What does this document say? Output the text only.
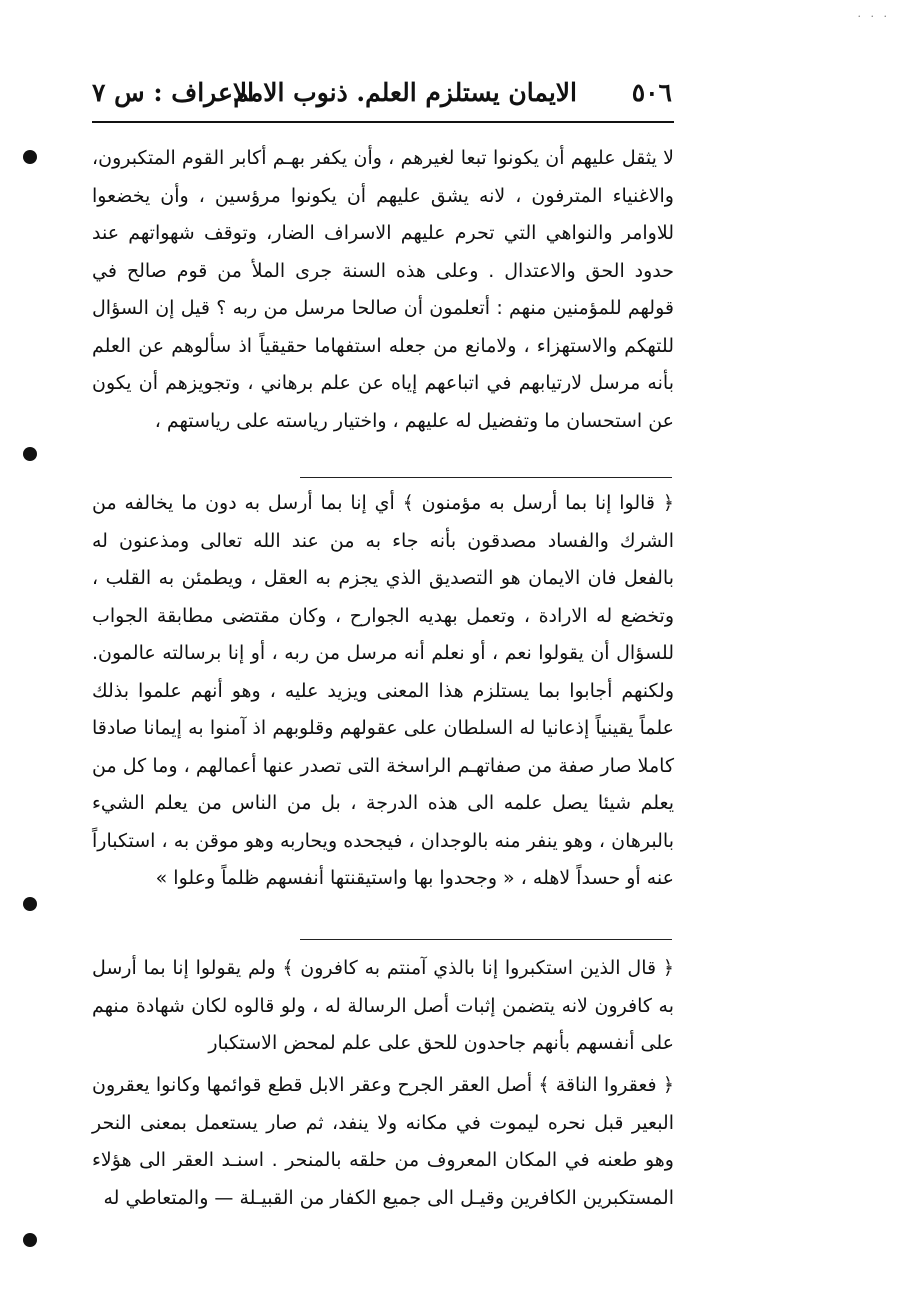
· · ·
٥٠٦
الايمان يستلزم العلم. ذنوب الامم
الاعراف : س ٧

لا يثقل عليهم أن يكونوا تبعا لغيرهم ، وأن يكفر بهـم أكابر القوم المتكبرون، والاغنياء المترفون ، لانه يشق عليهم أن يكونوا مرؤسين ، وأن يخضعوا للاوامر والنواهي التي تحرم عليهم الاسراف الضار، وتوقف شهواتهم عند حدود الحق والاعتدال . وعلى هذه السنة جرى الملأ من قوم صالح في قولهم للمؤمنين منهم : أتعلمون أن صالحا مرسل من ربه ؟ قيل إن السؤال للتهكم والاستهزاء ، ولامانع من جعله استفهاما حقيقياً اذ سألوهم عن العلم بأنه مرسل لارتيابهم في اتباعهم إياه عن علم برهاني ، وتجويزهم أن يكون عن استحسان ما وتفضيل له عليهم ، واختيار رياسته على رياستهم ،

﴿ قالوا إنا بما أرسل به مؤمنون ﴾ أي إنا بما أرسل به دون ما يخالفه من الشرك والفساد مصدقون بأنه جاء به من عند الله تعالى ومذعنون له بالفعل فان الايمان هو التصديق الذي يجزم به العقل ، ويطمئن به القلب ، وتخضع له الارادة ، وتعمل بهديه الجوارح ، وكان مقتضى مطابقة الجواب للسؤال أن يقولوا نعم ، أو نعلم أنه مرسل من ربه ، أو إنا برسالته عالمون. ولكنهم أجابوا بما يستلزم هذا المعنى ويزيد عليه ، وهو أنهم علموا بذلك علماً يقينياً إذعانيا له السلطان على عقولهم وقلوبهم اذ آمنوا به إيمانا صادقا كاملا صار صفة من صفاتهـم الراسخة التى تصدر عنها أعمالهم ، وما كل من يعلم شيئا يصل علمه الى هذه الدرجة ، بل من الناس من يعلم الشيء بالبرهان ، وهو ينفر منه بالوجدان ، فيجحده ويحاربه وهو موقن به ، استكباراً عنه أو حسداً لاهله ، « وجحدوا بها واستيقنتها أنفسهم ظلماً وعلوا »

﴿ قال الذين استكبروا إنا بالذي آمنتم به كافرون ﴾ ولم يقولوا إنا بما أرسل به كافرون لانه يتضمن إثبات أصل الرسالة له ، ولو قالوه لكان شهادة منهم على أنفسهم بأنهم جاحدون للحق على علم لمحض الاستكبار

﴿ فعقروا الناقة ﴾ أصل العقر الجرح وعقر الابل قطع قوائمها وكانوا يعقرون البعير قبل نحره ليموت في مكانه ولا ينفد، ثم صار يستعمل بمعنى النحر وهو طعنه في المكان المعروف من حلقه بالمنحر . اسنـد العقر الى هؤلاء المستكبرين الكافرين وقيـل الى جميع الكفار من القبيـلة — والمتعاطي له
